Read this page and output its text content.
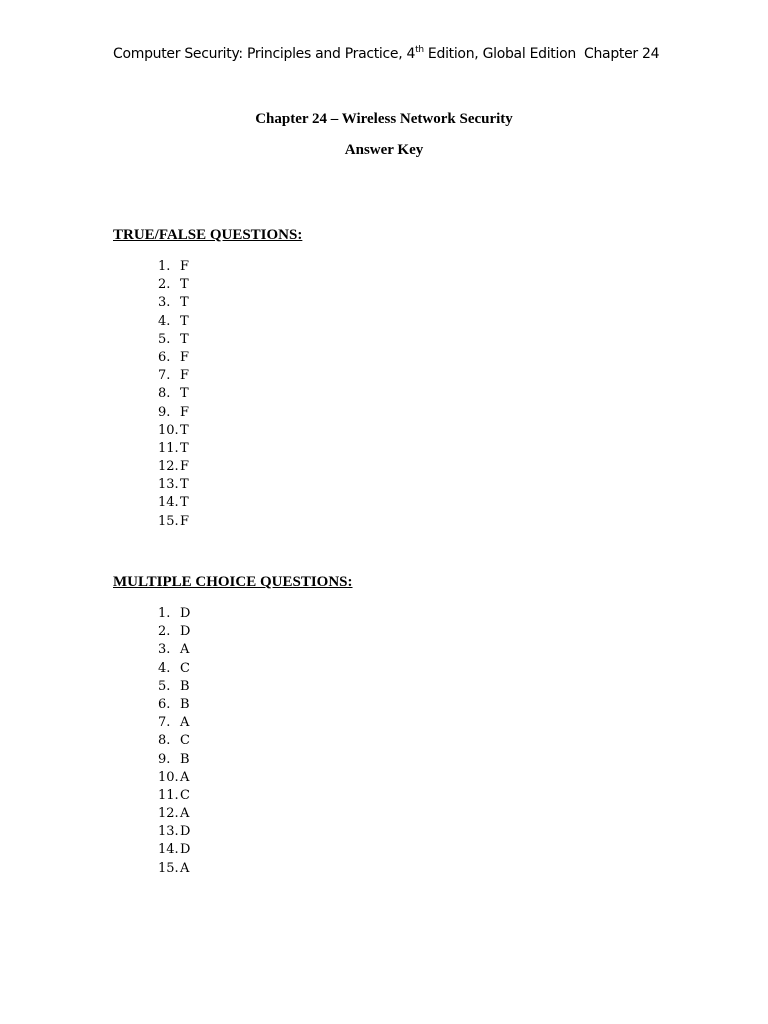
Computer Security: Principles and Practice, 4th Edition, Global Edition Chapter 24
Chapter 24 – Wireless Network Security
Answer Key
TRUE/FALSE QUESTIONS:
1. F
2. T
3. T
4. T
5. T
6. F
7. F
8. T
9. F
10.T
11.T
12.F
13.T
14.T
15.F
MULTIPLE CHOICE QUESTIONS:
1. D
2. D
3. A
4. C
5. B
6. B
7. A
8. C
9. B
10.A
11.C
12.A
13.D
14.D
15.A
